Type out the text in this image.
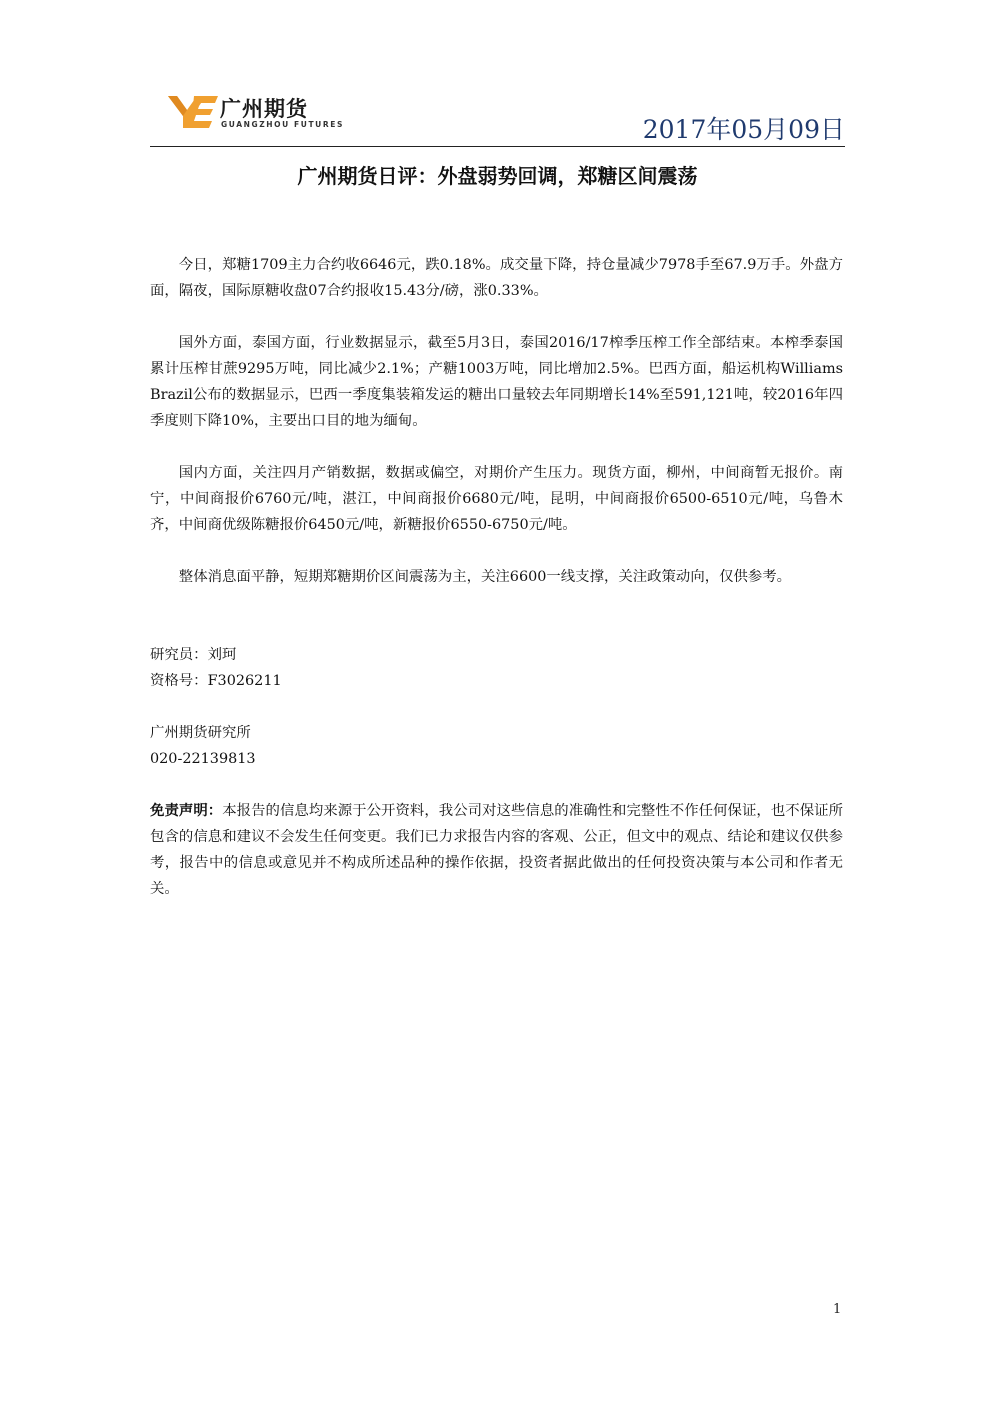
广州期货
GUANGZHOU FUTURES	2017年05月09日
广州期货日评：外盘弱势回调，郑糖区间震荡

今日，郑糖1709主力合约收6646元，跌0.18%。成交量下降，持仓量减少7978手至67.9万手。外盘方面，隔夜，国际原糖收盘07合约报收15.43分/磅，涨0.33%。

国外方面，泰国方面，行业数据显示，截至5月3日，泰国2016/17榨季压榨工作全部结束。本榨季泰国累计压榨甘蔗9295万吨，同比减少2.1%；产糖1003万吨，同比增加2.5%。巴西方面，船运机构Williams Brazil公布的数据显示，巴西一季度集装箱发运的糖出口量较去年同期增长14%至591,121吨，较2016年四季度则下降10%，主要出口目的地为缅甸。

国内方面，关注四月产销数据，数据或偏空，对期价产生压力。现货方面，柳州，中间商暂无报价。南宁，中间商报价6760元/吨，湛江，中间商报价6680元/吨，昆明，中间商报价6500-6510元/吨，乌鲁木齐，中间商优级陈糖报价6450元/吨，新糖报价6550-6750元/吨。

整体消息面平静，短期郑糖期价区间震荡为主，关注6600一线支撑，关注政策动向，仅供参考。

研究员：刘珂

资格号：F3026211

广州期货研究所

020-22139813

免责声明：本报告的信息均来源于公开资料，我公司对这些信息的准确性和完整性不作任何保证，也不保证所包含的信息和建议不会发生任何变更。我们已力求报告内容的客观、公正，但文中的观点、结论和建议仅供参考，报告中的信息或意见并不构成所述品种的操作依据，投资者据此做出的任何投资决策与本公司和作者无关。

1
